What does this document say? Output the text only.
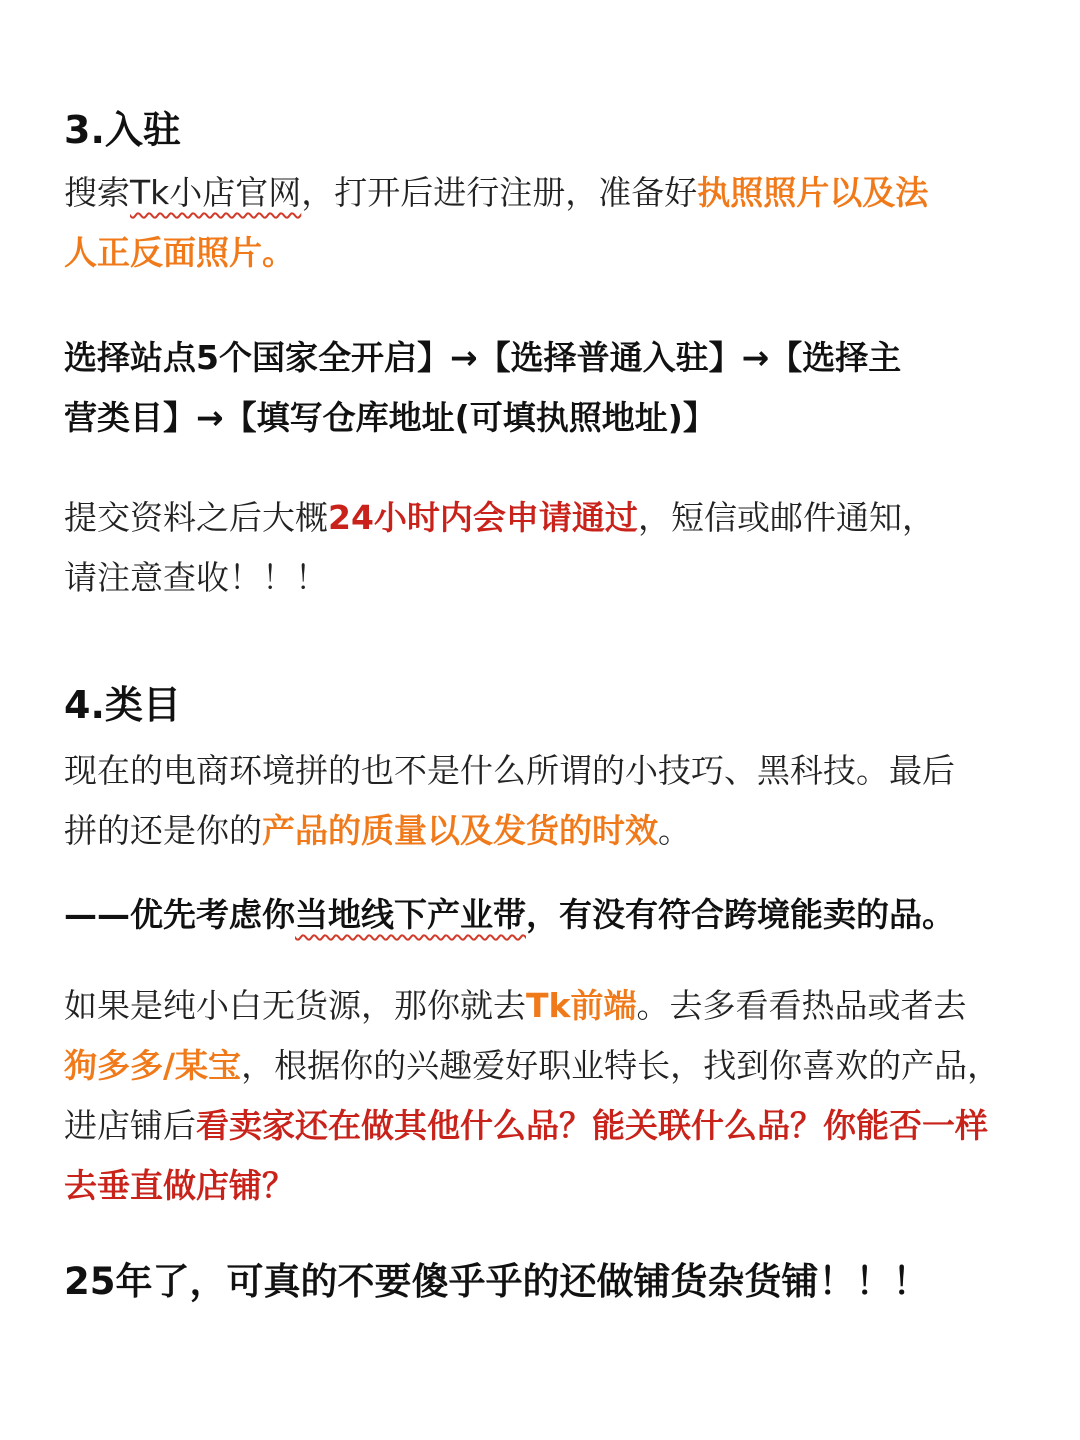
3.入驻
搜索Tk小店官网，打开后进行注册，准备好执照照片以及法
人正反面照片。
选择站点5个国家全开启】→【选择普通入驻】→【选择主
营类目】→【填写仓库地址(可填执照地址)】
提交资料之后大概24小时内会申请通过，短信或邮件通知，
请注意查收！！！
4.类目
现在的电商环境拼的也不是什么所谓的小技巧、黑科技。最后
拼的还是你的产品的质量以及发货的时效。
——优先考虑你当地线下产业带，有没有符合跨境能卖的品。
如果是纯小白无货源，那你就去Tk前端。去多看看热品或者去
狗多多/某宝，根据你的兴趣爱好职业特长，找到你喜欢的产品，
进店铺后看卖家还在做其他什么品？能关联什么品？你能否一样
去垂直做店铺？
25年了，可真的不要傻乎乎的还做铺货杂货铺！！！
